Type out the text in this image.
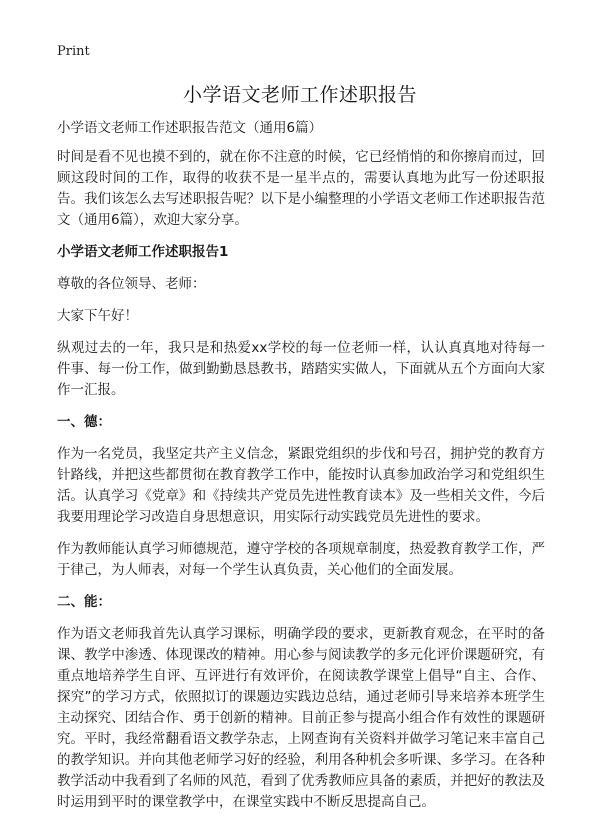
Print
小学语文老师工作述职报告

小学语文老师工作述职报告范文（通用6篇）

时间是看不见也摸不到的，就在你不注意的时候，它已经悄悄的和你擦肩而过，回顾这段时间的工作，取得的收获不是一星半点的，需要认真地为此写一份述职报告。我们该怎么去写述职报告呢？以下是小编整理的小学语文老师工作述职报告范文（通用6篇），欢迎大家分享。

小学语文老师工作述职报告1

尊敬的各位领导、老师：

大家下午好！

纵观过去的一年，我只是和热爱xx学校的每一位老师一样，认认真真地对待每一件事、每一份工作，做到勤勤恳恳教书，踏踏实实做人，下面就从五个方面向大家作一汇报。

一、德：

作为一名党员，我坚定共产主义信念，紧跟党组织的步伐和号召，拥护党的教育方针路线，并把这些都贯彻在教育教学工作中，能按时认真参加政治学习和党组织生活。认真学习《党章》和《持续共产党员先进性教育读本》及一些相关文件，今后我要用理论学习改造自身思想意识，用实际行动实践党员先进性的要求。

作为教师能认真学习师德规范，遵守学校的各项规章制度，热爱教育教学工作，严于律己，为人师表，对每一个学生认真负责，关心他们的全面发展。

二、能：

作为语文老师我首先认真学习课标，明确学段的要求，更新教育观念，在平时的备课、教学中渗透、体现课改的精神。用心参与阅读教学的多元化评价课题研究，有重点地培养学生自评、互评进行有效评价，在阅读教学课堂上倡导“自主、合作、探究”的学习方式，依照拟订的课题边实践边总结，通过老师引导来培养本班学生主动探究、团结合作、勇于创新的精神。目前正参与提高小组合作有效性的课题研究。平时，我经常翻看语文教学杂志，上网查询有关资料并做学习笔记来丰富自己的教学知识。并向其他老师学习好的经验，利用各种机会多听课、多学习。在各种教学活动中我看到了名师的风范，看到了优秀教师应具备的素质，并把好的教法及时运用到平时的课堂教学中，在课堂实践中不断反思提高自己。
